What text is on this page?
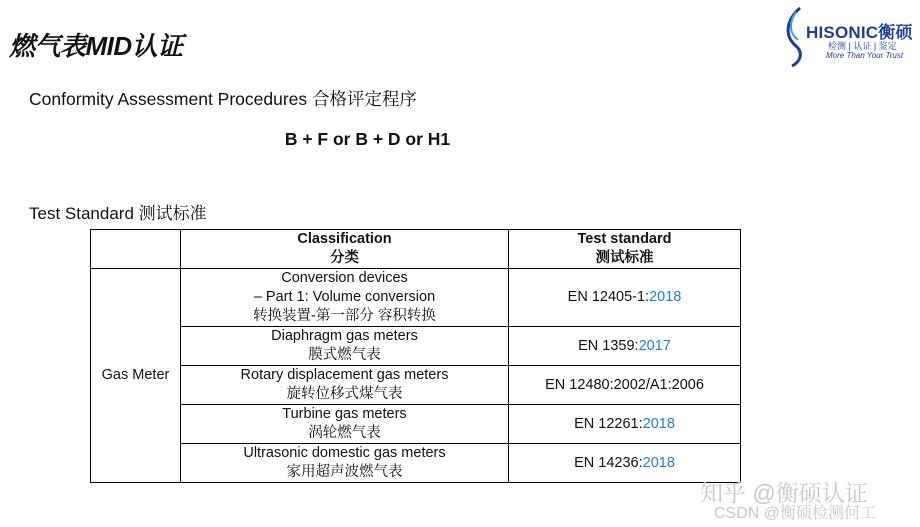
燃气表MID认证	HISONIC衡硕
检测 | 认证 | 鉴定
More Than Your Trust
Conformity Assessment Procedures 合格评定程序
B + F or B + D or H1
Test Standard 测试标准

	Classification
分类	Test standard
测试标准

Gas Meter	Conversion devices
– Part 1: Volume conversion
转换装置-第一部分 容积转换	EN 12405-1:2018

	Diaphragm gas meters
膜式燃气表	EN 1359:2017

	Rotary displacement gas meters
旋转位移式煤气表	EN 12480:2002/A1:2006

	Turbine gas meters
涡轮燃气表	EN 12261:2018

	Ultrasonic domestic gas meters
家用超声波燃气表	EN 14236:2018
知乎 @衡硕认证
CSDN @衡硕检测何工
